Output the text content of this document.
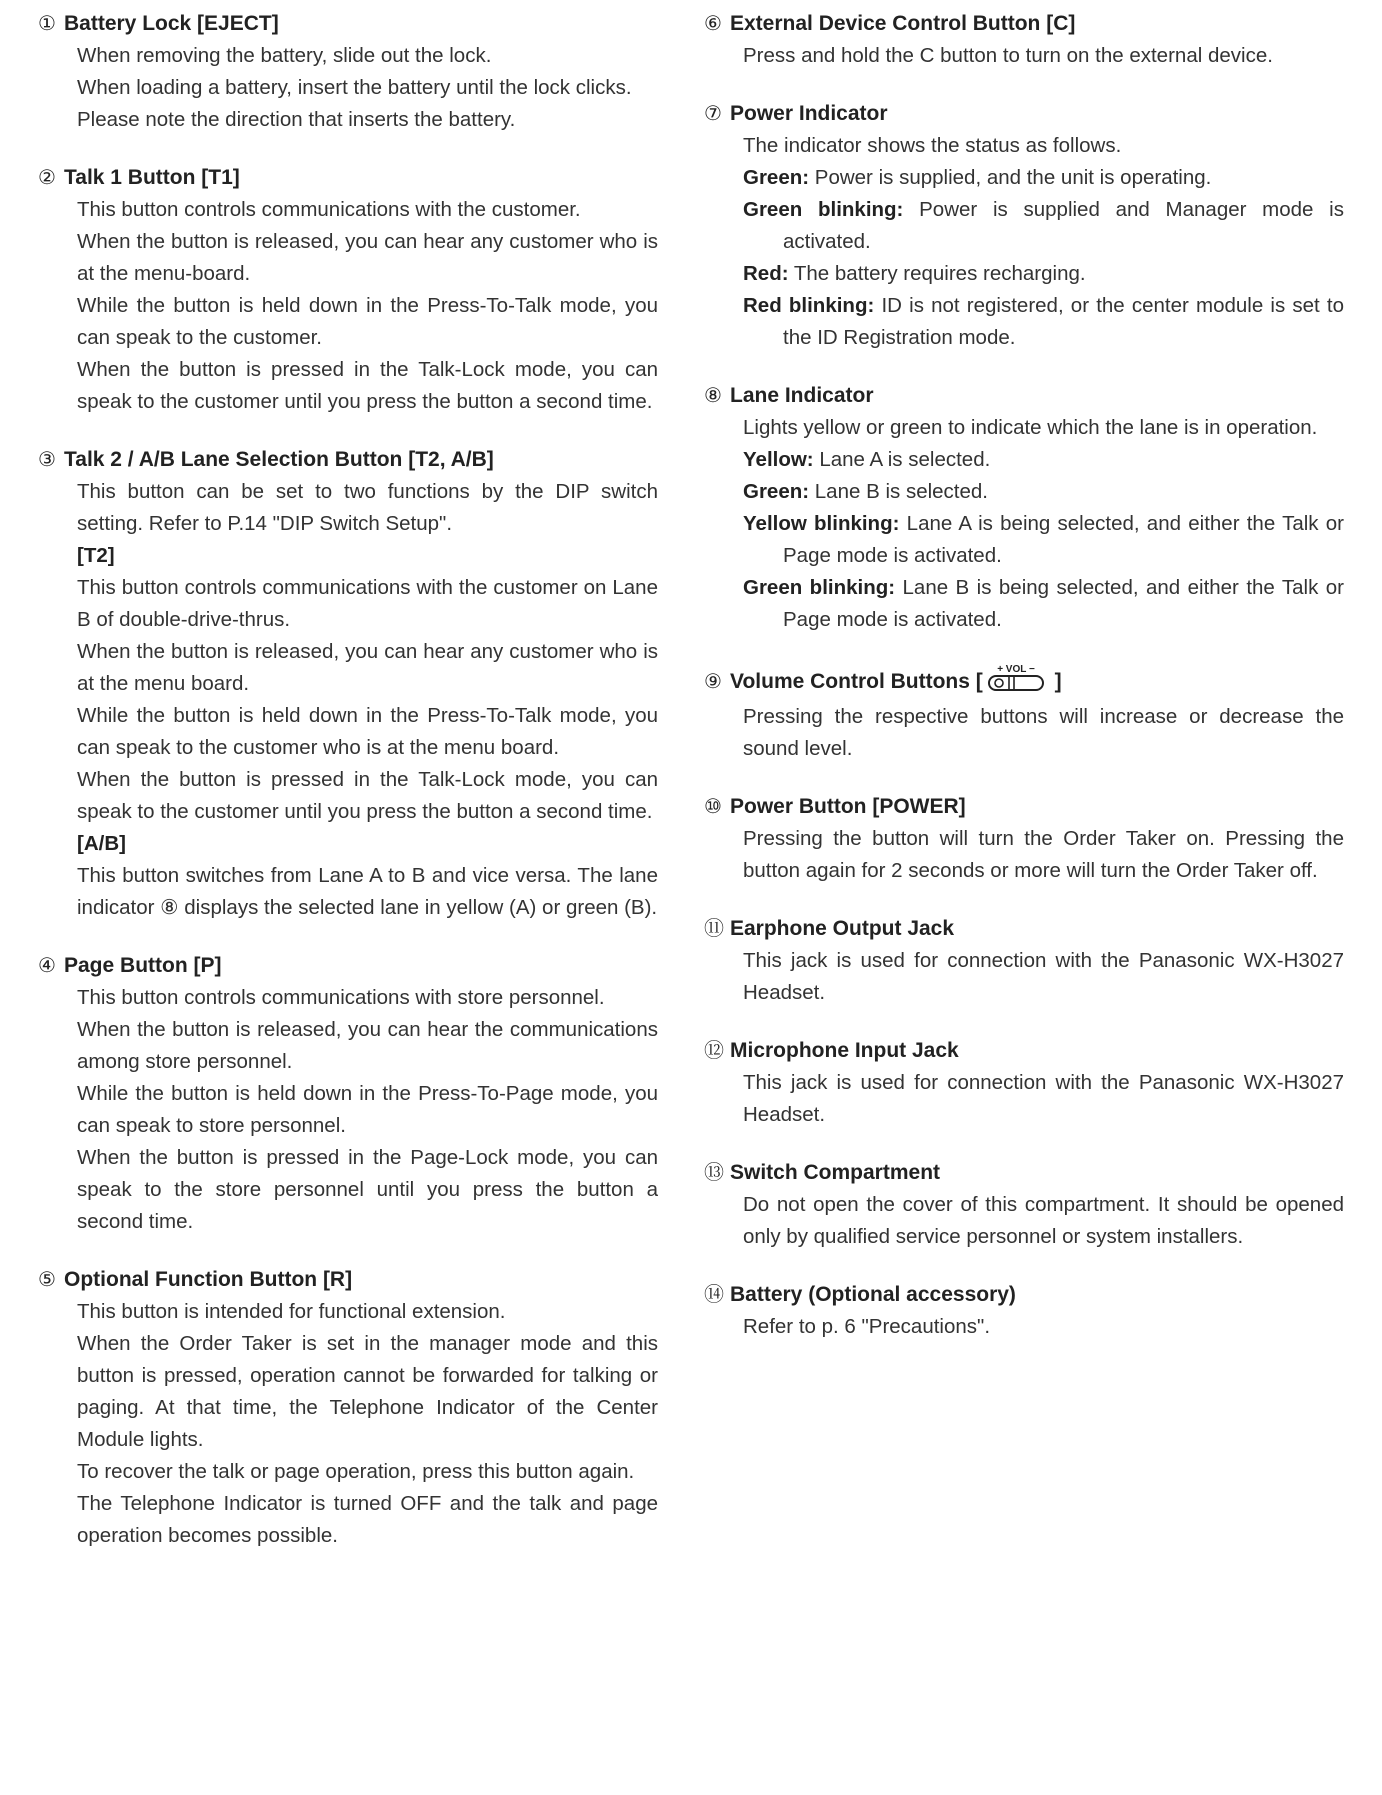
① Battery Lock [EJECT]
When removing the battery, slide out the lock.
When loading a battery, insert the battery until the lock clicks.
Please note the direction that inserts the battery.
② Talk 1 Button [T1]
This button controls communications with the customer.
When the button is released, you can hear any customer who is at the menu-board.
While the button is held down in the Press-To-Talk mode, you can speak to the customer.
When the button is pressed in the Talk-Lock mode, you can speak to the customer until you press the button a second time.
③ Talk 2 / A/B Lane Selection Button [T2, A/B]
This button can be set to two functions by the DIP switch setting. Refer to P.14 "DIP Switch Setup".
[T2]
This button controls communications with the customer on Lane B of double-drive-thrus.
When the button is released, you can hear any customer who is at the menu board.
While the button is held down in the Press-To-Talk mode, you can speak to the customer who is at the menu board.
When the button is pressed in the Talk-Lock mode, you can speak to the customer until you press the button a second time.
[A/B]
This button switches from Lane A to B and vice versa. The lane indicator ⑧ displays the selected lane in yellow (A) or green (B).
④ Page Button [P]
This button controls communications with store personnel.
When the button is released, you can hear the communications among store personnel.
While the button is held down in the Press-To-Page mode, you can speak to store personnel.
When the button is pressed in the Page-Lock mode, you can speak to the store personnel until you press the button a second time.
⑤ Optional Function Button [R]
This button is intended for functional extension.
When the Order Taker is set in the manager mode and this button is pressed, operation cannot be forwarded for talking or paging. At that time, the Telephone Indicator of the Center Module lights.
To recover the talk or page operation, press this button again.
The Telephone Indicator is turned OFF and the talk and page operation becomes possible.
⑥ External Device Control Button [C]
Press and hold the C button to turn on the external device.
⑦ Power Indicator
The indicator shows the status as follows.
Green: Power is supplied, and the unit is operating.
Green blinking: Power is supplied and Manager mode is activated.
Red: The battery requires recharging.
Red blinking: ID is not registered, or the center module is set to the ID Registration mode.
⑧ Lane Indicator
Lights yellow or green to indicate which the lane is in operation.
Yellow: Lane A is selected.
Green: Lane B is selected.
Yellow blinking: Lane A is being selected, and either the Talk or Page mode is activated.
Green blinking: Lane B is being selected, and either the Talk or Page mode is activated.
⑨ Volume Control Buttons [
+ VOL −
]
Pressing the respective buttons will increase or decrease the sound level.
⑩ Power Button [POWER]
Pressing the button will turn the Order Taker on. Pressing the button again for 2 seconds or more will turn the Order Taker off.
⑪ Earphone Output Jack
This jack is used for connection with the Panasonic WX-H3027 Headset.
⑫ Microphone Input Jack
This jack is used for connection with the Panasonic WX-H3027 Headset.
⑬ Switch Compartment
Do not open the cover of this compartment. It should be opened only by qualified service personnel or system installers.
⑭ Battery (Optional accessory)
Refer to p. 6 "Precautions".
